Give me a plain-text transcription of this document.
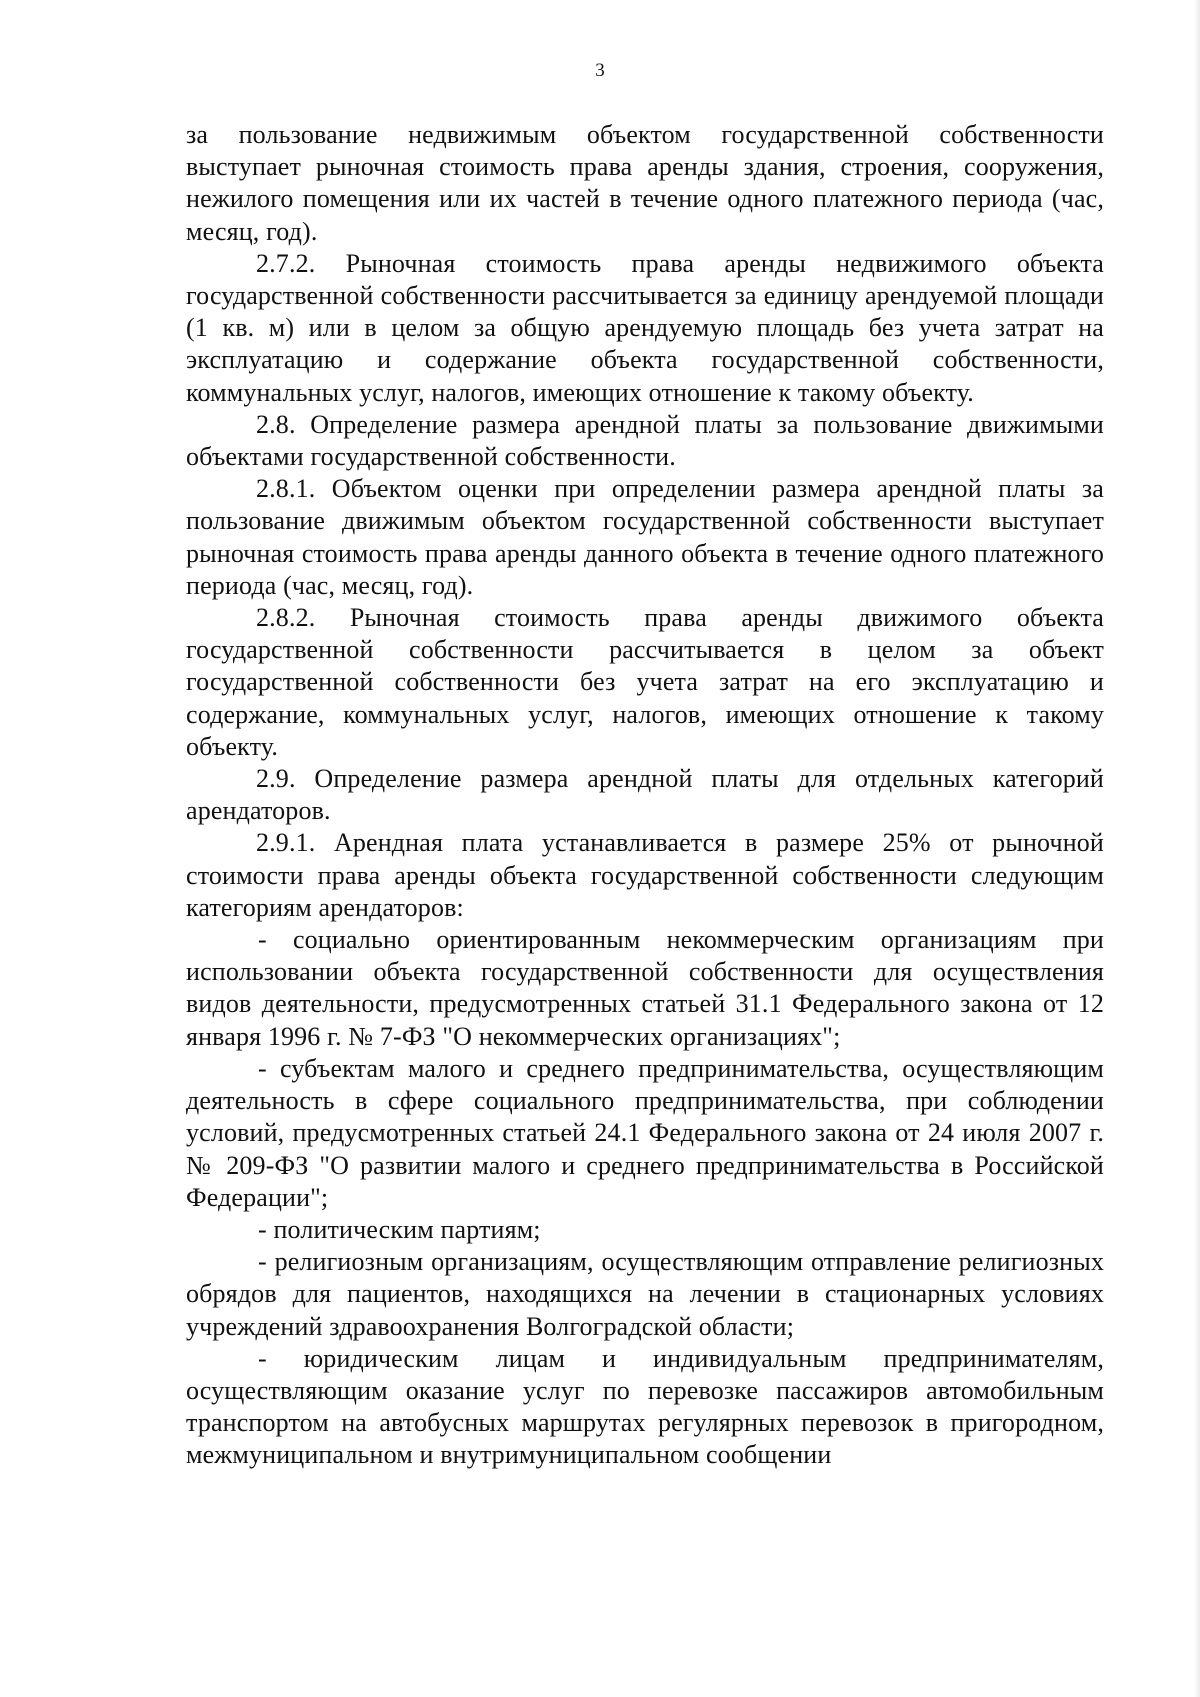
3

за пользование недвижимым объектом государственной собственности выступает рыночная стоимость права аренды здания, строения, сооружения, нежилого помещения или их частей в течение одного платежного периода (час, месяц, год).

2.7.2. Рыночная стоимость права аренды недвижимого объекта государственной собственности рассчитывается за единицу арендуемой площади (1 кв. м) или в целом за общую арендуемую площадь без учета затрат на эксплуатацию и содержание объекта государственной собственности, коммунальных услуг, налогов, имеющих отношение к такому объекту.

2.8. Определение размера арендной платы за пользование движимыми объектами государственной собственности.

2.8.1. Объектом оценки при определении размера арендной платы за пользование движимым объектом государственной собственности выступает рыночная стоимость права аренды данного объекта в течение одного платежного периода (час, месяц, год).

2.8.2. Рыночная стоимость права аренды движимого объекта государственной собственности рассчитывается в целом за объект государственной собственности без учета затрат на его эксплуатацию и содержание, коммунальных услуг, налогов, имеющих отношение к такому объекту.

2.9. Определение размера арендной платы для отдельных категорий арендаторов.

2.9.1. Арендная плата устанавливается в размере 25% от рыночной стоимости права аренды объекта государственной собственности следующим категориям арендаторов:

- социально ориентированным некоммерческим организациям при использовании объекта государственной собственности для осуществления видов деятельности, предусмотренных статьей 31.1 Федерального закона от 12 января 1996 г. № 7-ФЗ "О некоммерческих организациях";

- субъектам малого и среднего предпринимательства, осуществляющим деятельность в сфере социального предпринимательства, при соблюдении условий, предусмотренных статьей 24.1 Федерального закона от 24 июля 2007 г. № 209-ФЗ "О развитии малого и среднего предпринимательства в Российской Федерации";

- политическим партиям;

- религиозным организациям, осуществляющим отправление религиозных обрядов для пациентов, находящихся на лечении в стационарных условиях учреждений здравоохранения Волгоградской области;

- юридическим лицам и индивидуальным предпринимателям, осуществляющим оказание услуг по перевозке пассажиров автомобильным транспортом на автобусных маршрутах регулярных перевозок в пригородном, межмуниципальном и внутримуниципальном сообщении
